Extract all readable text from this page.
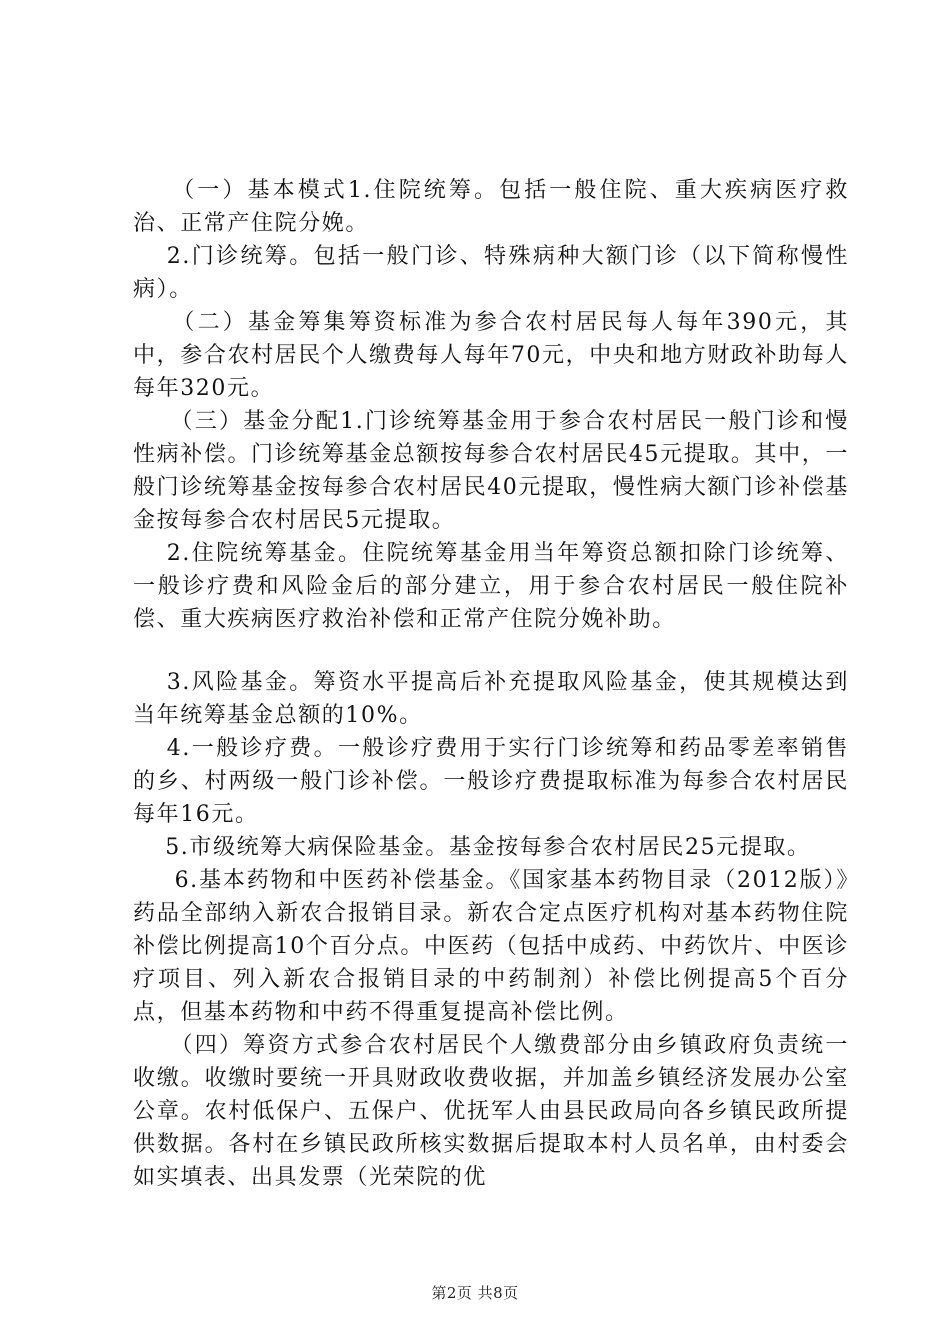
　　（一）基本模式1.住院统筹。包括一般住院、重大疾病医疗救治、正常产住院分娩。

　 2.门诊统筹。包括一般门诊、特殊病种大额门诊（以下简称慢性病）。

　　（二）基金筹集筹资标准为参合农村居民每人每年390元，其中，参合农村居民个人缴费每人每年70元，中央和地方财政补助每人每年320元。

　　（三）基金分配1.门诊统筹基金用于参合农村居民一般门诊和慢性病补偿。门诊统筹基金总额按每参合农村居民45元提取。其中，一般门诊统筹基金按每参合农村居民40元提取，慢性病大额门诊补偿基金按每参合农村居民5元提取。

　 2.住院统筹基金。住院统筹基金用当年筹资总额扣除门诊统筹、一般诊疗费和风险金后的部分建立，用于参合农村居民一般住院补偿、重大疾病医疗救治补偿和正常产住院分娩补助。

　 3.风险基金。筹资水平提高后补充提取风险基金，使其规模达到当年统筹基金总额的10%。

　 4.一般诊疗费。一般诊疗费用于实行门诊统筹和药品零差率销售的乡、村两级一般门诊补偿。一般诊疗费提取标准为每参合农村居民每年16元。

　 5.市级统筹大病保险基金。基金按每参合农村居民25元提取。

　  6.基本药物和中医药补偿基金。《国家基本药物目录（2012版）》药品全部纳入新农合报销目录。新农合定点医疗机构对基本药物住院补偿比例提高10个百分点。中医药（包括中成药、中药饮片、中医诊疗项目、列入新农合报销目录的中药制剂）补偿比例提高5个百分点，但基本药物和中药不得重复提高补偿比例。

　　（四）筹资方式参合农村居民个人缴费部分由乡镇政府负责统一收缴。收缴时要统一开具财政收费收据，并加盖乡镇经济发展办公室公章。农村低保户、五保户、优抚军人由县民政局向各乡镇民政所提供数据。各村在乡镇民政所核实数据后提取本村人员名单，由村委会如实填表、出具发票（光荣院的优

第2页 共8页
